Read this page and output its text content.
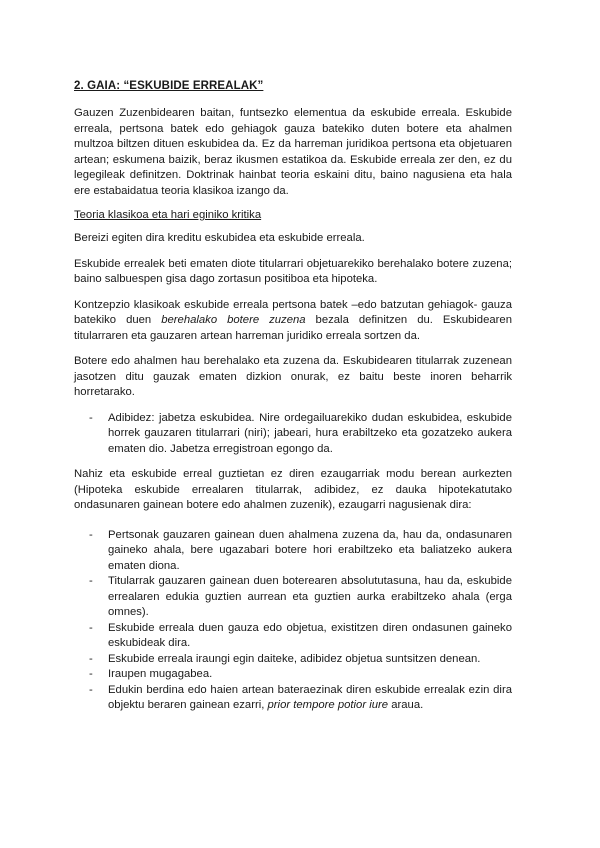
2. GAIA: “ESKUBIDE ERREALAK”

Gauzen Zuzenbidearen baitan, funtsezko elementua da eskubide erreala. Eskubide erreala, pertsona batek edo gehiagok gauza batekiko duten botere eta ahalmen multzoa biltzen dituen eskubidea da. Ez da harreman juridikoa pertsona eta objetuaren artean; eskumena baizik, beraz ikusmen estatikoa da. Eskubide erreala zer den, ez du legegileak definitzen. Doktrinak hainbat teoria eskaini ditu, baino nagusiena eta hala ere estabaidatua teoria klasikoa izango da.

Teoria klasikoa eta hari eginiko kritika

Bereizi egiten dira kreditu eskubidea eta eskubide erreala.

Eskubide errealek beti ematen diote titularrari objetuarekiko berehalako botere zuzena; baino salbuespen gisa dago zortasun positiboa eta hipoteka.

Kontzepzio klasikoak eskubide erreala pertsona batek –edo batzutan gehiagok- gauza batekiko duen berehalako botere zuzena bezala definitzen du. Eskubidearen titularraren eta gauzaren artean harreman juridiko erreala sortzen da.

Botere edo ahalmen hau berehalako eta zuzena da. Eskubidearen titularrak zuzenean jasotzen ditu gauzak ematen dizkion onurak, ez baitu beste inoren beharrik horretarako.

- Adibidez: jabetza eskubidea. Nire ordegailuarekiko dudan eskubidea, eskubide horrek gauzaren titularrari (niri); jabeari, hura erabiltzeko eta gozatzeko aukera ematen dio. Jabetza erregistroan egongo da.

Nahiz eta eskubide erreal guztietan ez diren ezaugarriak modu berean aurkezten (Hipoteka eskubide errealaren titularrak, adibidez, ez dauka hipotekatutako ondasunaren gainean botere edo ahalmen zuzenik), ezaugarri nagusienak dira:

- Pertsonak gauzaren gainean duen ahalmena zuzena da, hau da, ondasunaren gaineko ahala, bere ugazabari botere hori erabiltzeko eta baliatzeko aukera ematen diona.
- Titularrak gauzaren gainean duen boterearen absolututasuna, hau da, eskubide errealaren edukia guztien aurrean eta guztien aurka erabiltzeko ahala (erga omnes).
- Eskubide erreala duen gauza edo objetua, existitzen diren ondasunen gaineko eskubideak dira.
- Eskubide erreala iraungi egin daiteke, adibidez objetua suntsitzen denean.
- Iraupen mugagabea.
- Edukin berdina edo haien artean bateraezinak diren eskubide errealak ezin dira objektu beraren gainean ezarri, prior tempore potior iure araua.
